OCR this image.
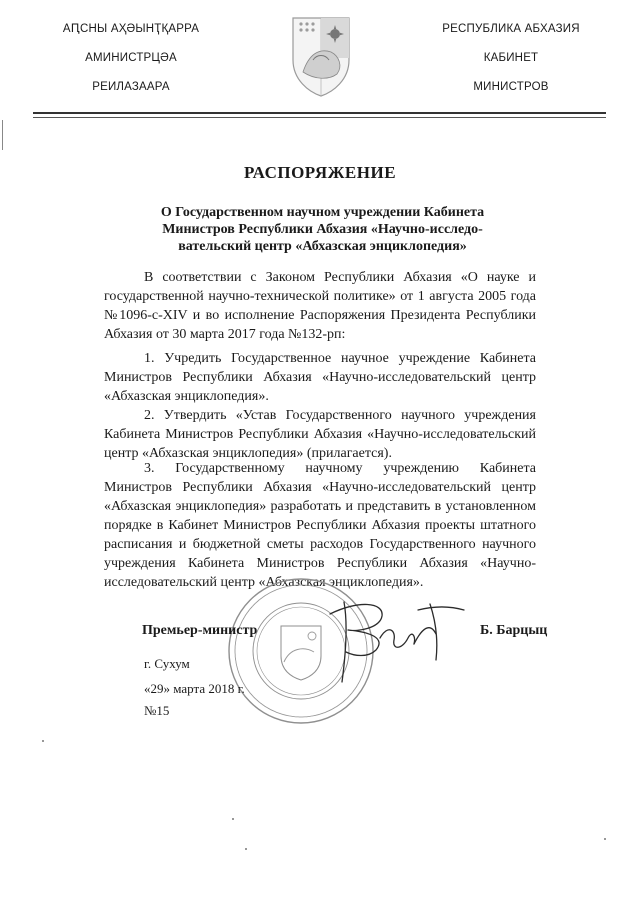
АԤСНЫ АҲӘЫНҬҚАРРА
АМИНИСТРЦӘА
РЕИЛАЗААРА
РЕСПУБЛИКА АБХАЗИЯ
КАБИНЕТ
МИНИСТРОВ
РАСПОРЯЖЕНИЕ
О Государственном научном учреждении Кабинета
Министров Республики Абхазия «Научно-исследо-
вательский центр «Абхазская энциклопедия»
В соответствии с Законом Республики Абхазия «О науке и государственной научно-технической политике» от 1 августа 2005 года №1096-с-XIV и во исполнение Распоряжения Президента Республики Абхазия от 30 марта 2017 года №132-рп:
1. Учредить Государственное научное учреждение Кабинета Министров Республики Абхазия «Научно-исследовательский центр «Абхазская энциклопедия».
2. Утвердить «Устав Государственного научного учреждения Кабинета Министров Республики Абхазия «Научно-исследовательский центр «Абхазская энциклопедия» (прилагается).
3. Государственному научному учреждению Кабинета Министров Республики Абхазия «Научно-исследовательский центр «Абхазская энциклопедия» разработать и представить в установленном порядке в Кабинет Министров Республики Абхазия проекты штатного расписания и бюджетной сметы расходов Государственного научного учреждения Кабинета Министров Республики Абхазия «Научно-исследовательский центр «Абхазская энциклопедия».
Премьер-министр	Б. Барцыц
г. Сухум
«29» марта 2018 г.
№15
